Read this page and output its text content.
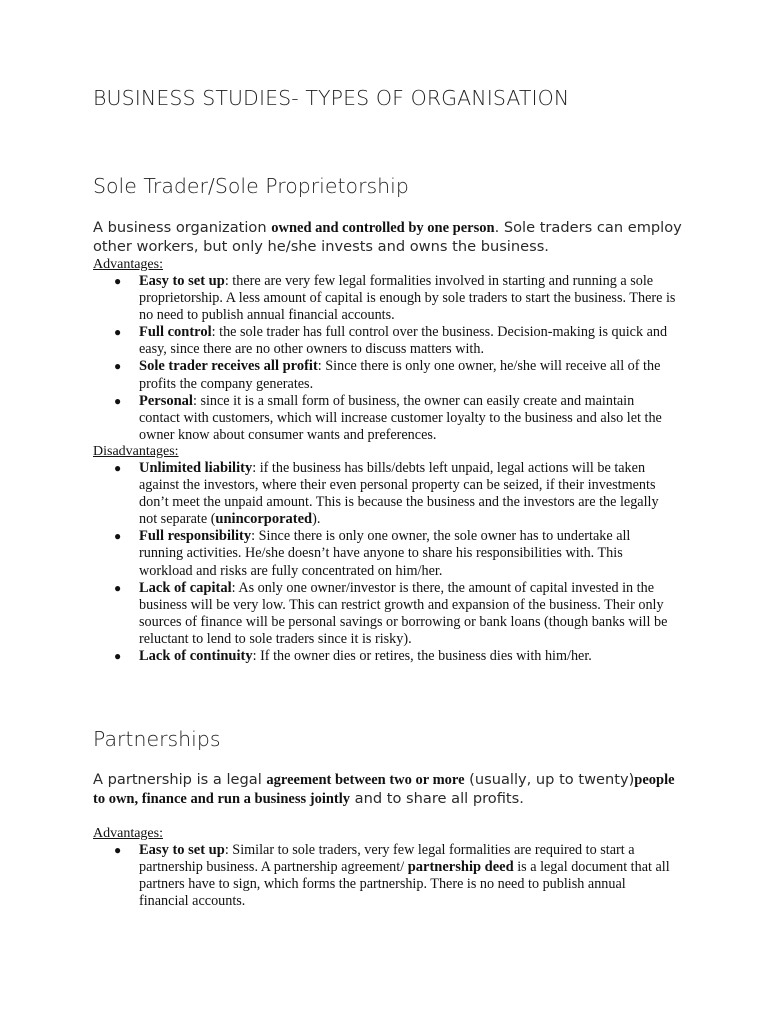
BUSINESS STUDIES- TYPES OF ORGANISATION
Sole Trader/Sole Proprietorship
A business organization owned and controlled by one person. Sole traders can employ other workers, but only he/she invests and owns the business.
Advantages:
● Easy to set up: there are very few legal formalities involved in starting and running a sole proprietorship. A less amount of capital is enough by sole traders to start the business. There is no need to publish annual financial accounts.
● Full control: the sole trader has full control over the business. Decision-making is quick and easy, since there are no other owners to discuss matters with.
● Sole trader receives all profit: Since there is only one owner, he/she will receive all of the profits the company generates.
● Personal: since it is a small form of business, the owner can easily create and maintain contact with customers, which will increase customer loyalty to the business and also let the owner know about consumer wants and preferences.
Disadvantages:
● Unlimited liability: if the business has bills/debts left unpaid, legal actions will be taken against the investors, where their even personal property can be seized, if their investments don’t meet the unpaid amount. This is because the business and the investors are the legally not separate (unincorporated).
● Full responsibility: Since there is only one owner, the sole owner has to undertake all running activities. He/she doesn’t have anyone to share his responsibilities with. This workload and risks are fully concentrated on him/her.
● Lack of capital: As only one owner/investor is there, the amount of capital invested in the business will be very low. This can restrict growth and expansion of the business. Their only sources of finance will be personal savings or borrowing or bank loans (though banks will be reluctant to lend to sole traders since it is risky).
● Lack of continuity: If the owner dies or retires, the business dies with him/her.
Partnerships
A partnership is a legal agreement between two or more (usually, up to twenty)people to own, finance and run a business jointly and to share all profits.
Advantages:
● Easy to set up: Similar to sole traders, very few legal formalities are required to start a partnership business. A partnership agreement/ partnership deed is a legal document that all partners have to sign, which forms the partnership. There is no need to publish annual financial accounts.
